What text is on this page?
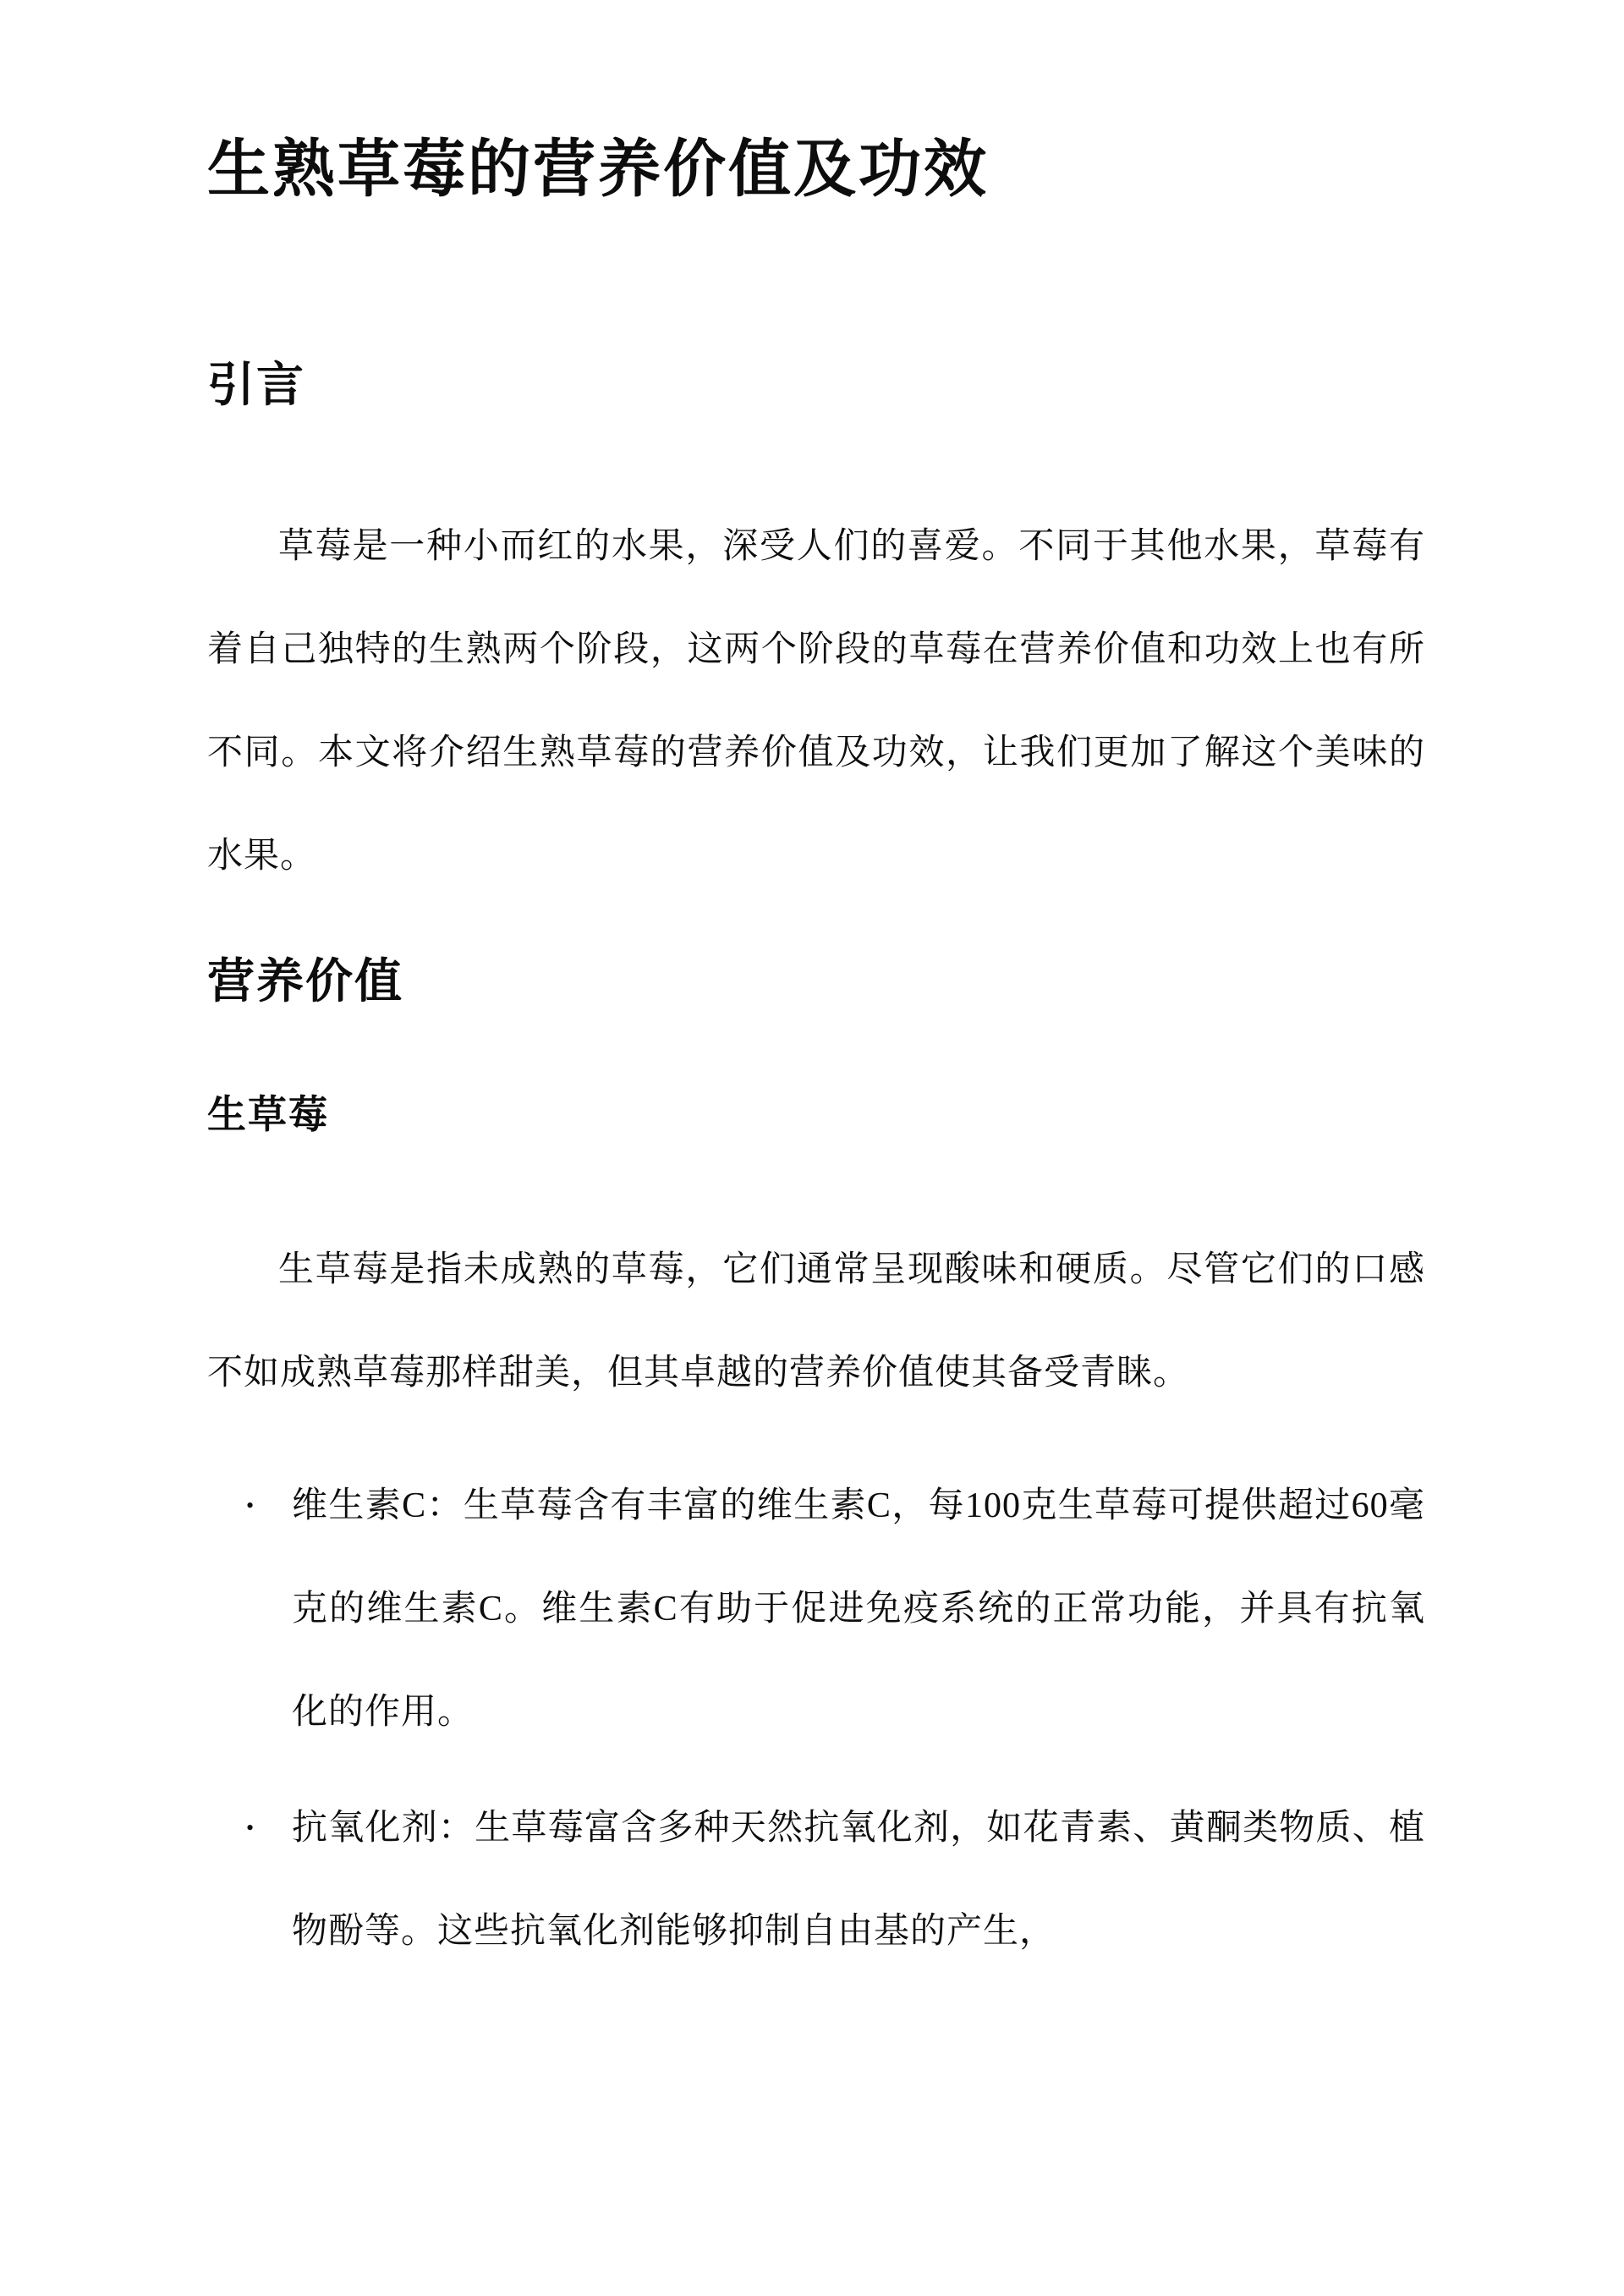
生熟草莓的营养价值及功效
引言

草莓是一种小而红的水果，深受人们的喜爱。不同于其他水果，草莓有着自己独特的生熟两个阶段，这两个阶段的草莓在营养价值和功效上也有所不同。本文将介绍生熟草莓的营养价值及功效，让我们更加了解这个美味的水果。

营养价值
生草莓

生草莓是指未成熟的草莓，它们通常呈现酸味和硬质。尽管它们的口感不如成熟草莓那样甜美，但其卓越的营养价值使其备受青睐。

•	维生素C：生草莓含有丰富的维生素C，每100克生草莓可提供超过60毫克的维生素C。维生素C有助于促进免疫系统的正常功能，并具有抗氧化的作用。
•	抗氧化剂：生草莓富含多种天然抗氧化剂，如花青素、黄酮类物质、植物酚等。这些抗氧化剂能够抑制自由基的产生，
